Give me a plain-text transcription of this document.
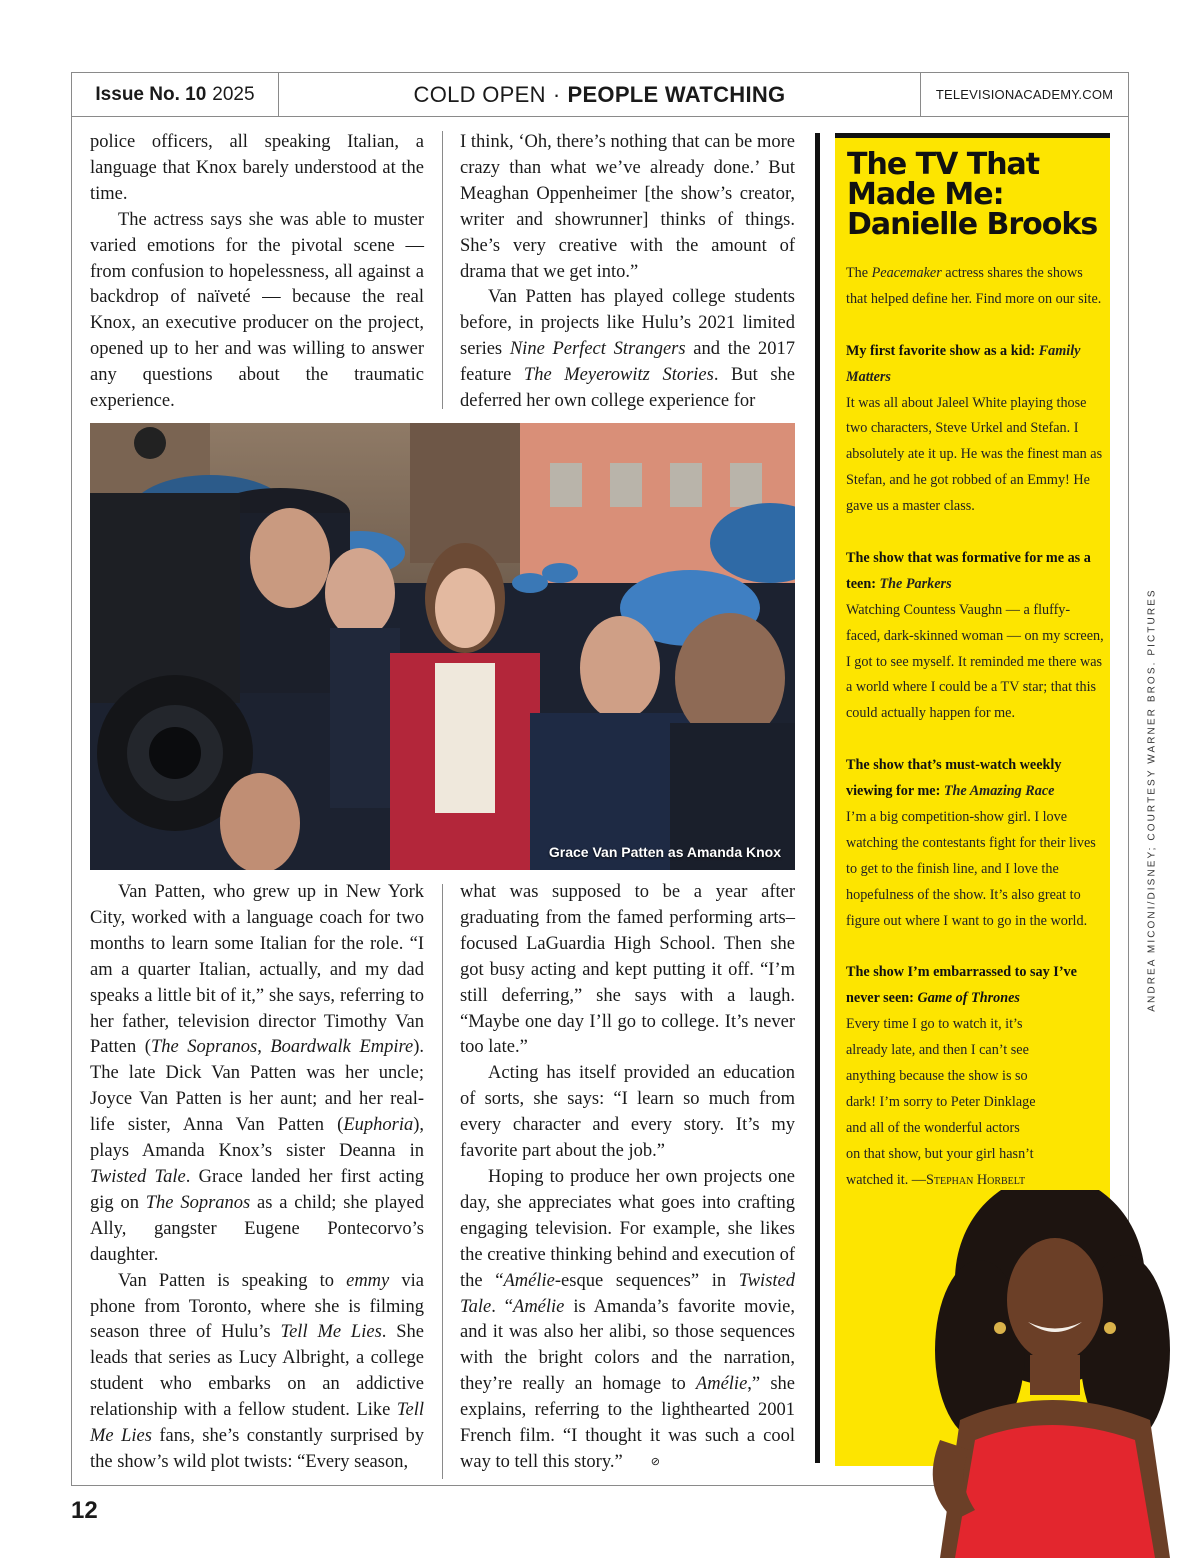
Issue No. 10 2025	COLD OPEN · PEOPLE WATCHING	TELEVISIONACADEMY.COM

police officers, all speaking Italian, a language that Knox barely understood at the time.

The actress says she was able to muster varied emotions for the pivotal scene — from confusion to hopelessness, all against a backdrop of naïveté — because the real Knox, an executive producer on the project, opened up to her and was willing to answer any questions about the traumatic experience.

I think, ‘Oh, there’s nothing that can be more crazy than what we’ve already done.’ But Meaghan Oppenheimer [the show’s creator, writer and showrunner] thinks of things. She’s very creative with the amount of drama that we get into.”

Van Patten has played college students before, in projects like Hulu’s 2021 limited series Nine Perfect Strangers and the 2017 feature The Meyerowitz Stories. But she deferred her own college experience for

Grace Van Patten as Amanda Knox

Van Patten, who grew up in New York City, worked with a language coach for two months to learn some Italian for the role. “I am a quarter Italian, actually, and my dad speaks a little bit of it,” she says, referring to her father, television director Timothy Van Patten (The Sopranos, Boardwalk Empire). The late Dick Van Patten was her uncle; Joyce Van Patten is her aunt; and her real-life sister, Anna Van Patten (Euphoria), plays Amanda Knox’s sister Deanna in Twisted Tale. Grace landed her first acting gig on The Sopranos as a child; she played Ally, gangster Eugene Pontecorvo’s daughter.

Van Patten is speaking to emmy via phone from Toronto, where she is filming season three of Hulu’s Tell Me Lies. She leads that series as Lucy Albright, a college student who embarks on an addictive relationship with a fellow student. Like Tell Me Lies fans, she’s constantly surprised by the show’s wild plot twists: “Every season,

what was supposed to be a year after graduating from the famed performing arts–focused LaGuardia High School. Then she got busy acting and kept putting it off. “I’m still deferring,” she says with a laugh. “Maybe one day I’ll go to college. It’s never too late.”

Acting has itself provided an education of sorts, she says: “I learn so much from every character and every story. It’s my favorite part about the job.”

Hoping to produce her own projects one day, she appreciates what goes into crafting engaging television. For example, she likes the creative thinking behind and execution of the “Amélie-esque sequences” in Twisted Tale. “Amélie is Amanda’s favorite movie, and it was also her alibi, so those sequences with the bright colors and the narration, they’re really an homage to Amélie,” she explains, referring to the lighthearted 2001 French film. “I thought it was such a cool way to tell this story.”	⊘

The TV That Made Me: Danielle Brooks

The Peacemaker actress shares the shows that helped define her. Find more on our site.

My first favorite show as a kid: Family Matters
It was all about Jaleel White playing those two characters, Steve Urkel and Stefan. I absolutely ate it up. He was the finest man as Stefan, and he got robbed of an Emmy! He gave us a master class.

The show that was formative for me as a teen: The Parkers
Watching Countess Vaughn — a fluffy-faced, dark-skinned woman — on my screen, I got to see myself. It reminded me there was a world where I could be a TV star; that this could actually happen for me.

The show that’s must-watch weekly viewing for me: The Amazing Race
I’m a big competition-show girl. I love watching the contestants fight for their lives to get to the finish line, and I love the hopefulness of the show. It’s also great to figure out where I want to go in the world.

The show I’m embarrassed to say I’ve never seen: Game of Thrones
Every time I go to watch it, it’s already late, and then I can’t see anything because the show is so dark! I’m sorry to Peter Dinklage and all of the wonderful actors on that show, but your girl hasn’t watched it. —Stephan Horbelt

ANDREA MICONI/DISNEY; COURTESY WARNER BROS. PICTURES
12
